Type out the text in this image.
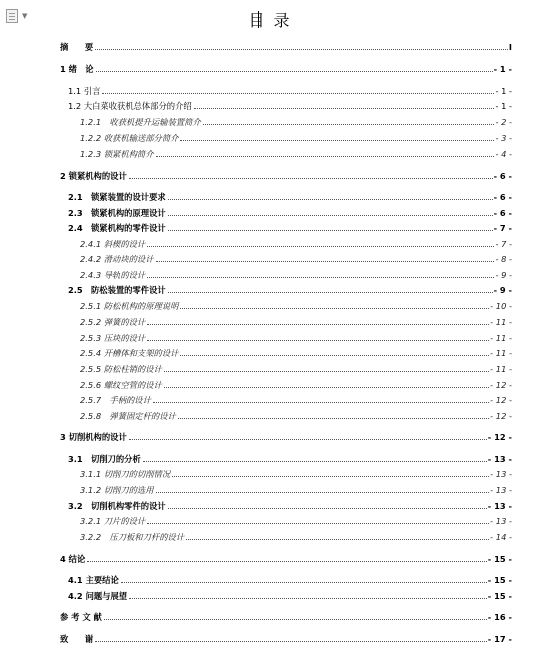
▼	目 录
摘　　要	I
1 绪　论	- 1 -
1.1 引言	- 1 -
1.2 大白菜收获机总体部分的介绍	- 1 -
1.2.1　收获机提升运输装置简介	- 2 -
1.2.2 收获机输送部分简介	- 3 -
1.2.3 锁紧机构简介	- 4 -
2 锁紧机构的设计	- 6 -
2.1　锁紧装置的设计要求	- 6 -
2.3　锁紧机构的原理设计	- 6 -
2.4　锁紧机构的零件设计	- 7 -
2.4.1 斜楔的设计	- 7 -
2.4.2 滑动块的设计	- 8 -
2.4.3 导轨的设计	- 9 -
2.5　防松装置的零件设计	- 9 -
2.5.1 防松机构的原理说明	- 10 -
2.5.2 弹簧的设计	- 11 -
2.5.3 压块的设计	- 11 -
2.5.4 开槽体和支架的设计	- 11 -
2.5.5 防松柱销的设计	- 11 -
2.5.6 螺纹空管的设计	- 12 -
2.5.7　手柄的设计	- 12 -
2.5.8　弹簧固定杆的设计	- 12 -
3 切削机构的设计	- 12 -
3.1　切削刀的分析	- 13 -
3.1.1 切削刀的切削情况	- 13 -
3.1.2 切削刀的选用	- 13 -
3.2　切削机构零件的设计	- 13 -
3.2.1 刀片的设计	- 13 -
3.2.2　压刀板和刀杆的设计	- 14 -
4 结论	- 15 -
4.1 主要结论	- 15 -
4.2 问题与展望	- 15 -
参 考 文 献	- 16 -
致　　谢	- 17 -
